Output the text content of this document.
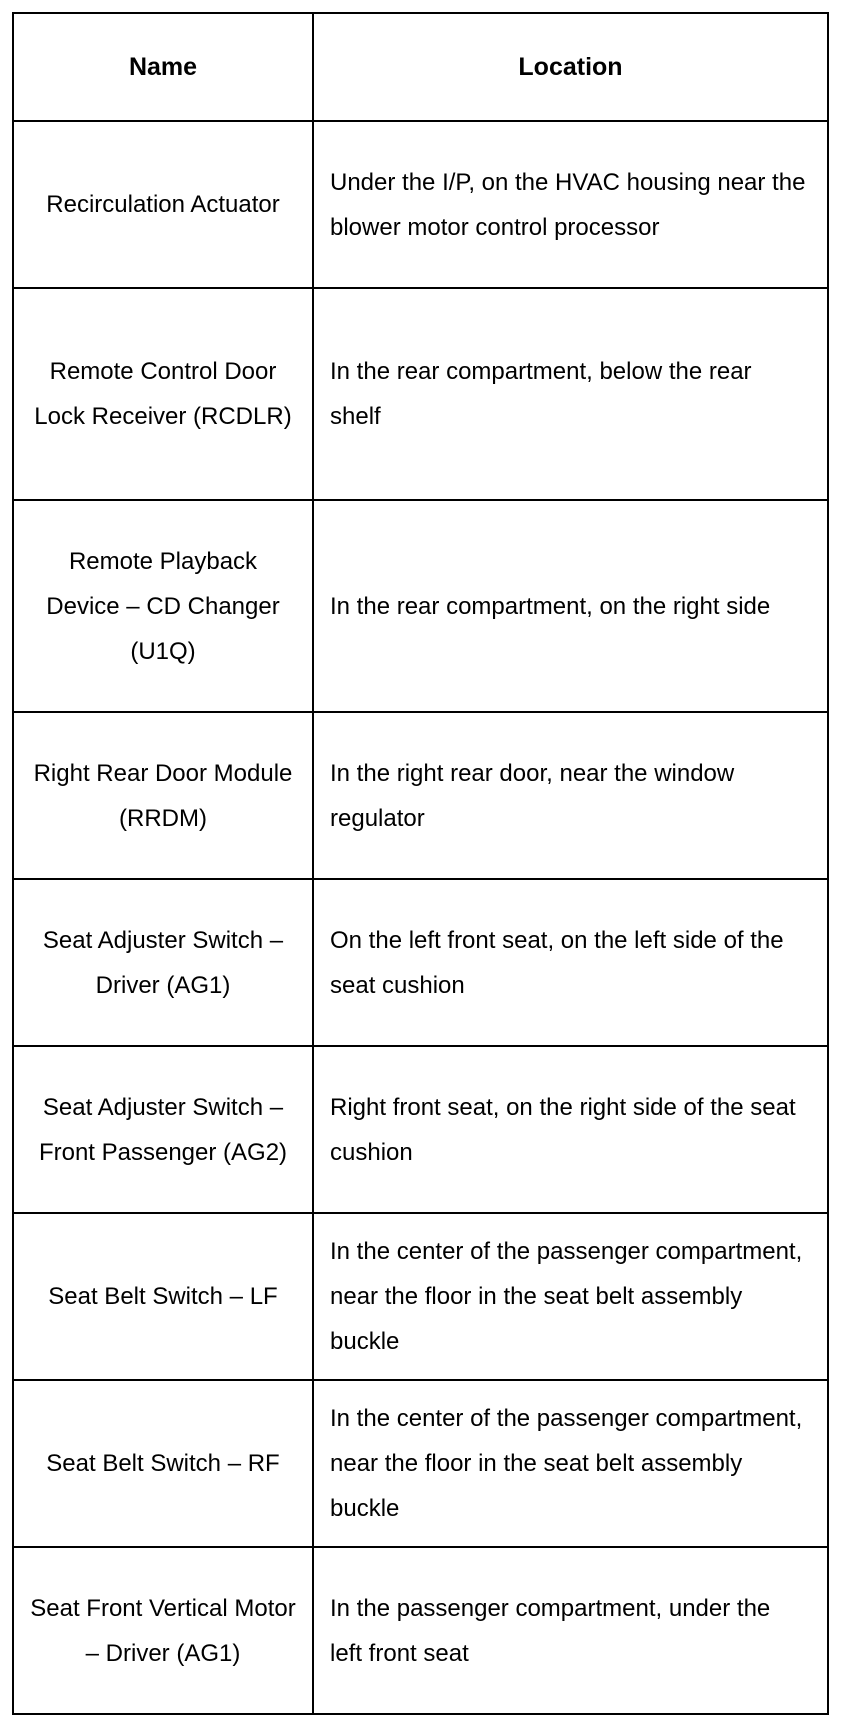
Name	Location
Recirculation Actuator	Under the I/P, on the HVAC housing near the blower motor control processor
Remote Control Door Lock Receiver (RCDLR)	In the rear compartment, below the rear shelf
Remote Playback Device – CD Changer (U1Q)	In the rear compartment, on the right side
Right Rear Door Module (RRDM)	In the right rear door, near the window regulator
Seat Adjuster Switch – Driver (AG1)	On the left front seat, on the left side of the seat cushion
Seat Adjuster Switch – Front Passenger (AG2)	Right front seat, on the right side of the seat cushion
Seat Belt Switch – LF	In the center of the passenger compartment, near the floor in the seat belt assembly buckle
Seat Belt Switch – RF	In the center of the passenger compartment, near the floor in the seat belt assembly buckle
Seat Front Vertical Motor – Driver (AG1)	In the passenger compartment, under the left front seat
